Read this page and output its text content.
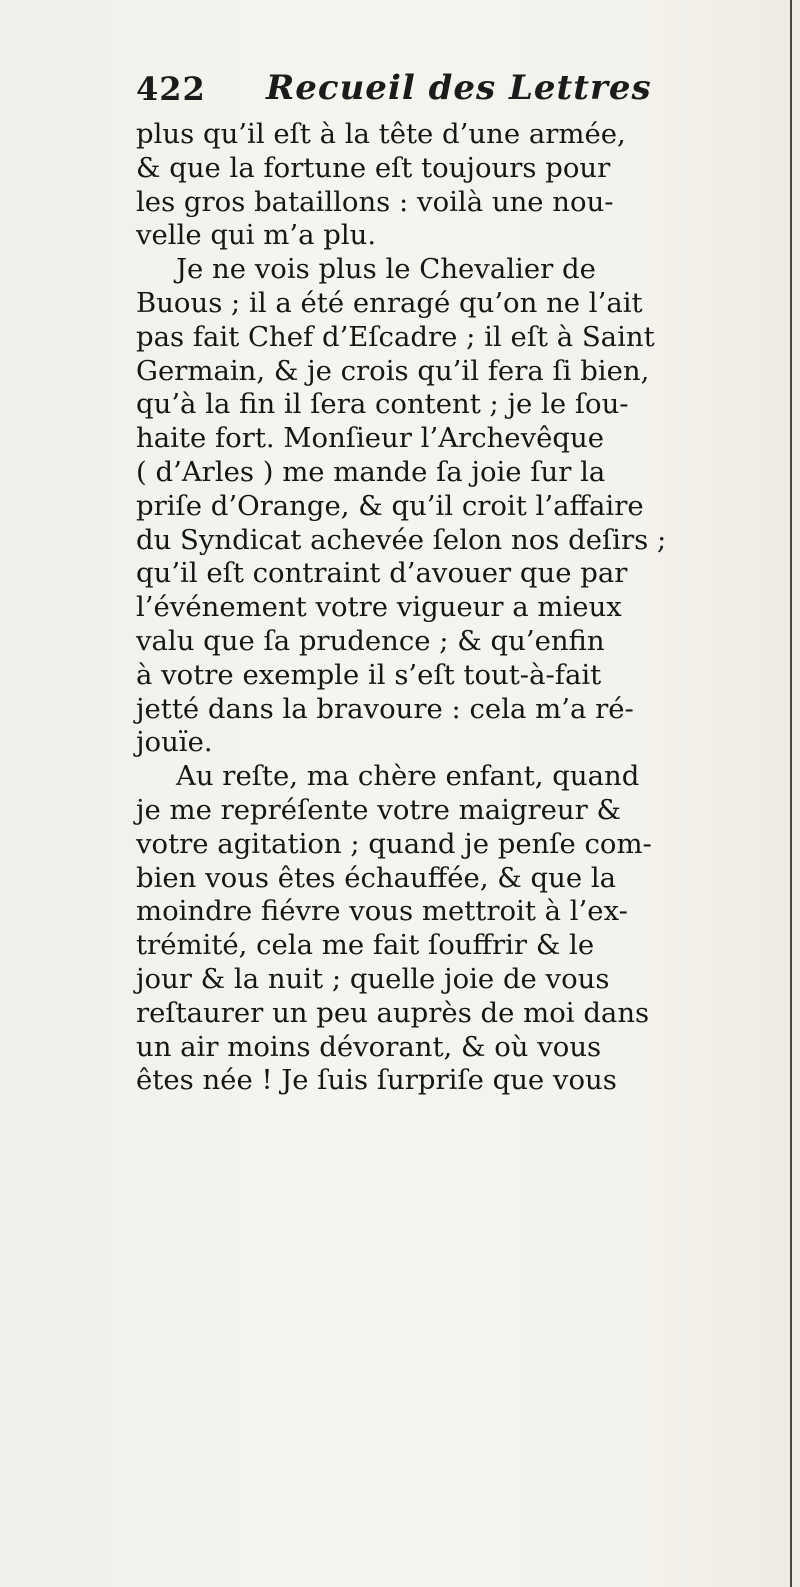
422 Recueil des Lettres
plus qu’il eſt à la tête d’une armée,
& que la fortune eſt toujours pour
les gros bataillons : voilà une nou-
velle qui m’a plu.
Je ne vois plus le Chevalier de
Buous ; il a été enragé qu’on ne l’ait
pas fait Chef d’Eſcadre ; il eſt à Saint
Germain, & je crois qu’il fera ſi bien,
qu’à la fin il ſera content ; je le ſou-
haite fort. Monſieur l’Archevêque
( d’Arles ) me mande ſa joie ſur la
priſe d’Orange, & qu’il croit l’affaire
du Syndicat achevée ſelon nos deſirs ;
qu’il eſt contraint d’avouer que par
l’événement votre vigueur a mieux
valu que ſa prudence ; & qu’enfin
à votre exemple il s’eſt tout-à-fait
jetté dans la bravoure : cela m’a ré-
jouïe.
Au reſte, ma chère enfant, quand
je me repréſente votre maigreur &
votre agitation ; quand je penſe com-
bien vous êtes échauffée, & que la
moindre fiévre vous mettroit à l’ex-
trémité, cela me fait ſouffrir & le
jour & la nuit ; quelle joie de vous
reſtaurer un peu auprès de moi dans
un air moins dévorant, & où vous
êtes née ! Je ſuis ſurpriſe que vous
